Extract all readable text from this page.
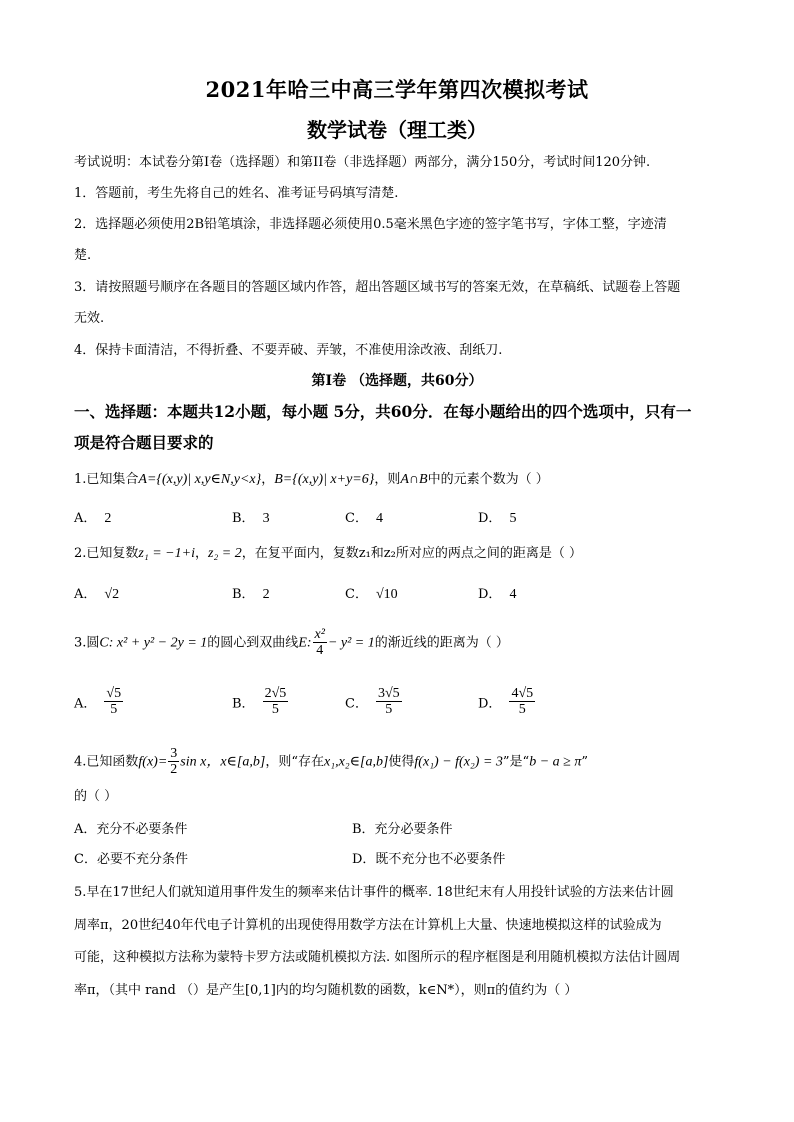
2021年哈三中高三学年第四次模拟考试
数学试卷（理工类）
考试说明：本试卷分第Ⅰ卷（选择题）和第II卷（非选择题）两部分，满分150分，考试时间120分钟.
1．答题前，考生先将自己的姓名、准考证号码填写清楚.
2．选择题必须使用2B铅笔填涂，非选择题必须使用0.5毫米黑色字迹的签字笔书写，字体工整，字迹清
楚.
3．请按照题号顺序在各题目的答题区域内作答，超出答题区域书写的答案无效，在草稿纸、试题卷上答题
无效.
4．保持卡面清洁，不得折叠、不要弄破、弄皱，不准使用涂改液、刮纸刀.
第Ⅰ卷 （选择题，共60分）
一、选择题：本题共12小题，每小题 5分，共60分．在每小题给出的四个选项中，只有一
项是符合题目要求的
1.已知集合A={(x,y)| x,y∈N,y<x}，B={(x,y)| x+y=6}，则A∩B中的元素个数为（ ）
A． 2	B． 3	C． 4	D． 5
2.已知复数z₁ = −1+i，z₂ = 2，在复平面内，复数z₁和z₂所对应的两点之间的距离是（ ）
A． √2	B． 2	C． √10	D． 4
3.圆C: x² + y² − 2y = 1的圆心到双曲线E: $\frac{\text{x²}}{4} - y^2 = 1$的渐近线的距离为（ ）
A． $\frac{√5}{5}$	B． $\frac{2√5}{5}$	C． $\frac{3√5}{5}$	D． $\frac{4√5}{5}$
4.已知函数$f(x)= \frac{3}{2}$ sin x，x∈[a,b]，则“存在x₁,x₂∈[a,b]使得f(x₁) − f(x₂) = 3”是“b − a ≥ π”
的（ ）
A．充分不必要条件	B．充分必要条件
C．必要不充分条件	D．既不充分也不必要条件
5.早在17世纪人们就知道用事件发生的频率来估计事件的概率. 18世纪末有人用投针试验的方法来估计圆
周率π，20世纪40年代电子计算机的出现使得用数学方法在计算机上大量、快速地模拟这样的试验成为
可能，这种模拟方法称为蒙特卡罗方法或随机模拟方法. 如图所示的程序框图是利用随机模拟方法估计圆周
率π，（其中 rand （）是产生[0,1]内的均匀随机数的函数，k∈N*），则π的值约为（ ）
